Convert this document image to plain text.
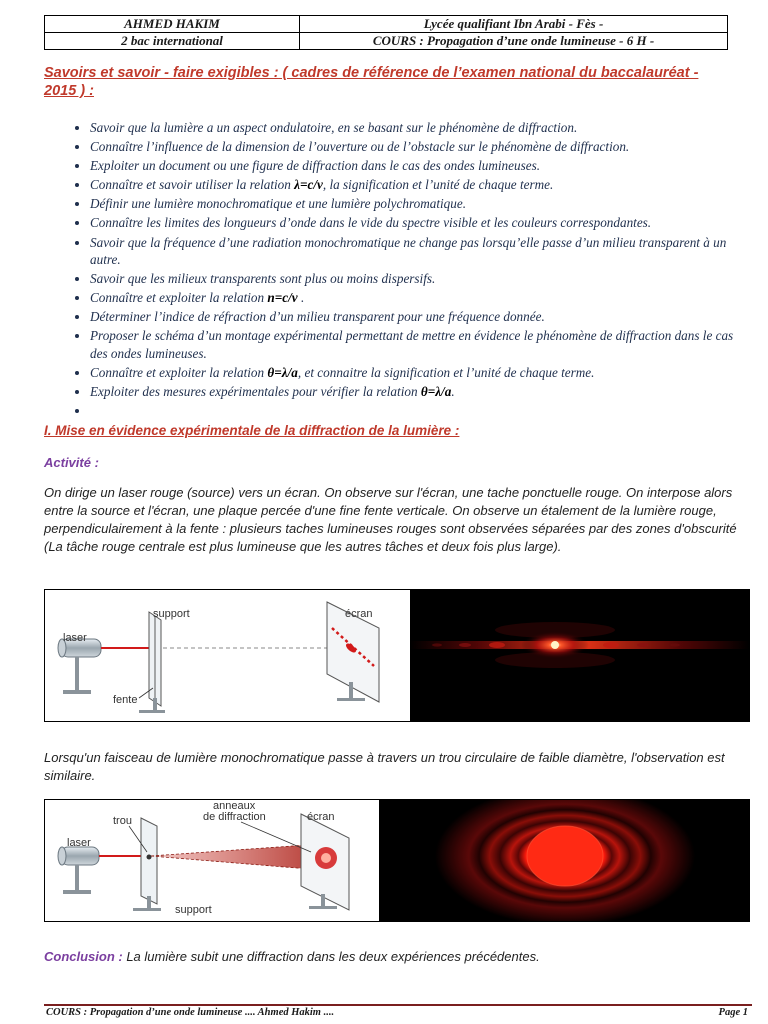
AHMED HAKIM	Lycée qualifiant Ibn Arabi - Fès -
2 bac international	COURS : Propagation d’une onde lumineuse - 6 H -
Savoirs et savoir - faire exigibles : ( cadres de référence de l’examen national du baccalauréat - 2015 ) :
• Savoir que la lumière a un aspect ondulatoire, en se basant sur le phénomène de diffraction.
• Connaître l’influence de la dimension de l’ouverture ou de l’obstacle sur le phénomène de diffraction.
• Exploiter un document ou une figure de diffraction dans le cas des ondes lumineuses.
• Connaître et savoir utiliser la relation λ=c/ν, la signification et l’unité de chaque terme.
• Définir une lumière monochromatique et une lumière polychromatique.
• Connaître les limites des longueurs d’onde dans le vide du spectre visible et les couleurs correspondantes.
• Savoir que la fréquence d’une radiation monochromatique ne change pas lorsqu’elle passe d’un milieu transparent à un autre.
• Savoir que les milieux transparents sont plus ou moins dispersifs.
• Connaître et exploiter la relation n=c/v .
• Déterminer l’indice de réfraction d’un milieu transparent pour une fréquence donnée.
• Proposer le schéma d’un montage expérimental permettant de mettre en évidence le phénomène de diffraction dans le cas des ondes lumineuses.
• Connaître et exploiter la relation θ=λ/a, et connaitre la signification et l’unité de chaque terme.
• Exploiter des mesures expérimentales pour vérifier la relation θ=λ/a.
•
I. Mise en évidence expérimentale de la diffraction de la lumière :
Activité :
On dirige un laser rouge (source) vers un écran. On observe sur l'écran, une tache ponctuelle rouge. On interpose alors entre la source et l'écran, une plaque percée d'une fine fente verticale. On observe un étalement de la lumière rouge, perpendiculairement à la fente : plusieurs taches lumineuses rouges sont observées séparées par des zones d'obscurité (La tâche rouge centrale est plus lumineuse que les autres tâches et deux fois plus large).
laser
support
fente
écran
Lorsqu'un faisceau de lumière monochromatique passe à travers un trou circulaire de faible diamètre, l'observation est similaire.
laser
trou
support
anneaux
de diffraction	écran
Conclusion : La lumière subit une diffraction dans les deux expériences précédentes.
COURS : Propagation d’une onde lumineuse .... Ahmed Hakim ....	Page 1
